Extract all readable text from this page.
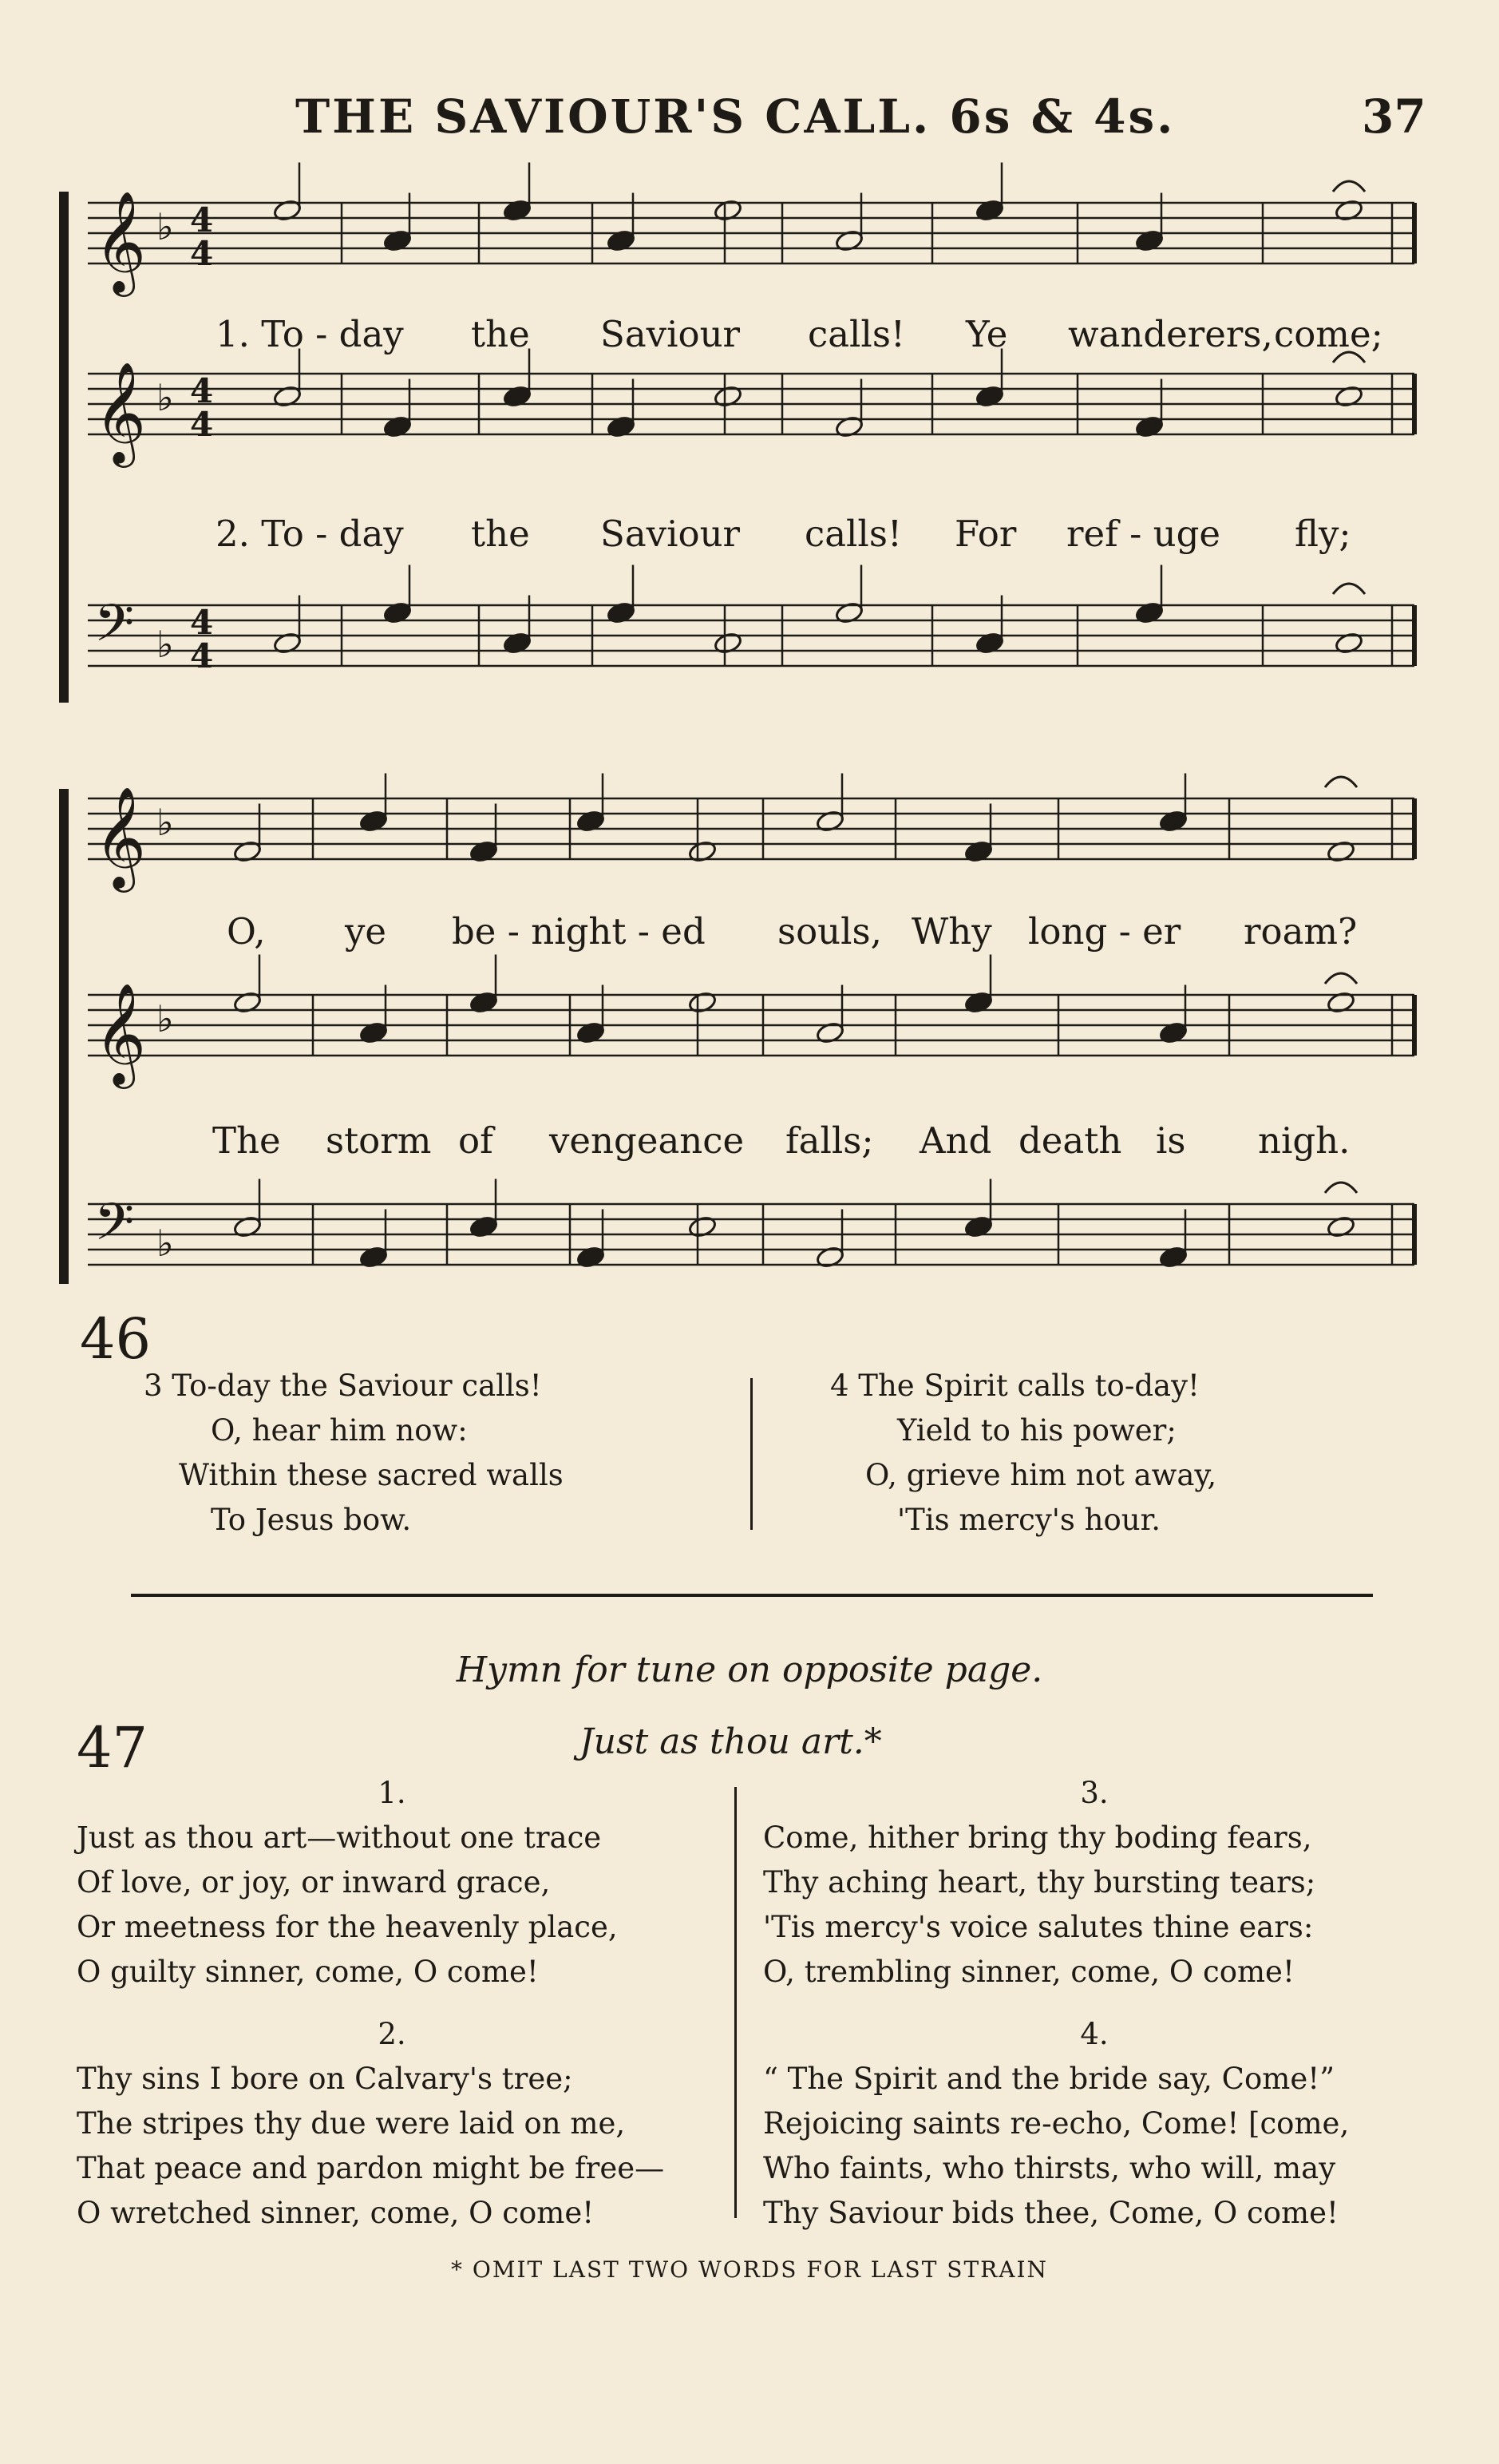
THE SAVIOUR'S CALL. 6s & 4s.	37
𝄞 ♭ 4
4
𝄞 ♭ 4
4
𝄢 ♭
4
4
𝄞 ♭
𝄞 ♭
𝄢 ♭
1. To - day the Saviour calls! Ye wanderers, come;
2. To - day the Saviour calls! For ref - uge fly;
O, ye be - night - ed souls, Why long - er roam?
The storm of vengeance falls; And death is nigh.
46
3 To-day the Saviour calls!
O, hear him now:
Within these sacred walls
To Jesus bow.
4 The Spirit calls to-day!
Yield to his power;
O, grieve him not away,
'Tis mercy's hour.
Hymn for tune on opposite page.
47	Just as thou art.*
1.
Just as thou art—without one trace
Of love, or joy, or inward grace,
Or meetness for the heavenly place,
O guilty sinner, come, O come!
2.
Thy sins I bore on Calvary's tree;
The stripes thy due were laid on me,
That peace and pardon might be free—
O wretched sinner, come, O come!
3.
Come, hither bring thy boding fears,
Thy aching heart, thy bursting tears;
'Tis mercy's voice salutes thine ears:
O, trembling sinner, come, O come!
4.
“ The Spirit and the bride say, Come!”
Rejoicing saints re-echo, Come! [come,
Who faints, who thirsts, who will, may
Thy Saviour bids thee, Come, O come!
* OMIT LAST TWO WORDS FOR LAST STRAIN
